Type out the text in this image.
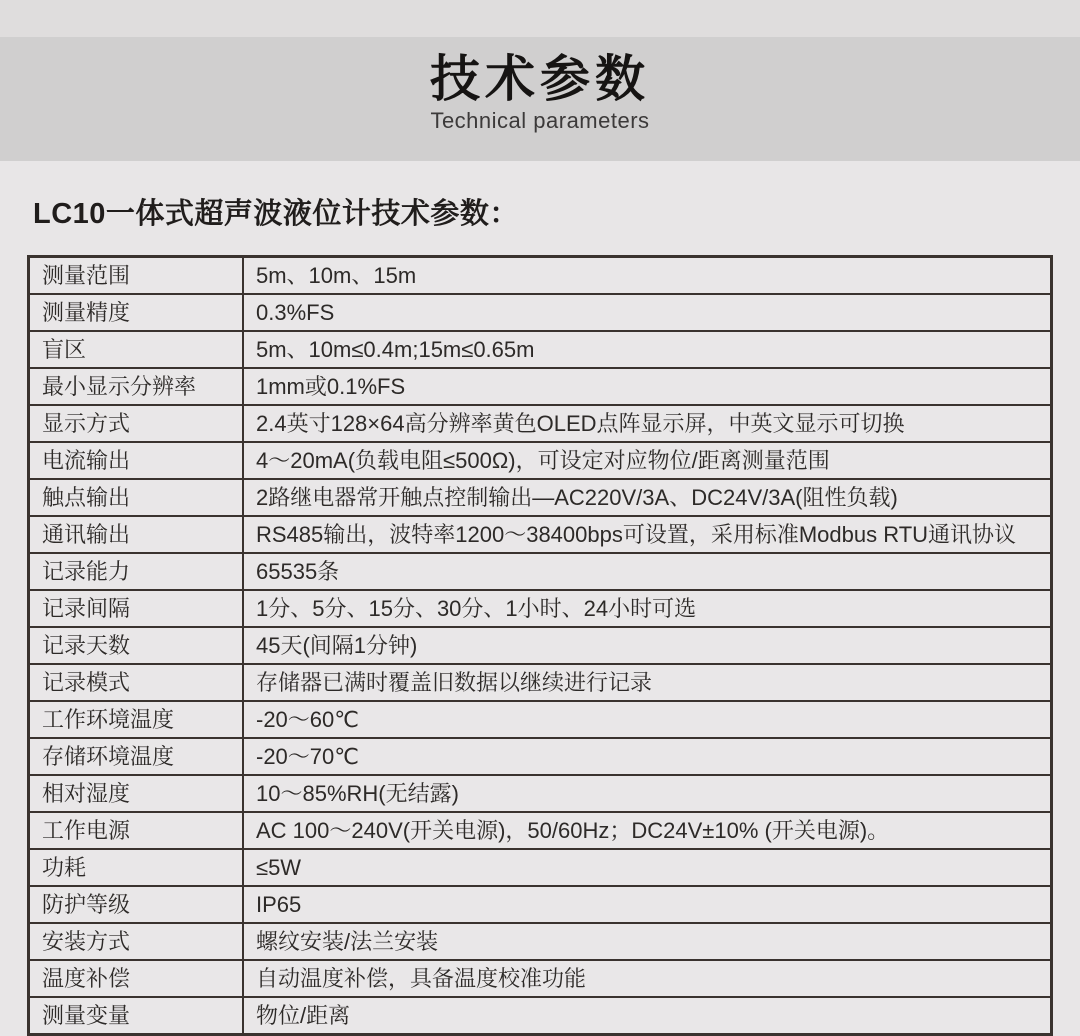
技术参数

Technical parameters

LC10一体式超声波液位计技术参数：
测量范围	5m、10m、15m
测量精度	0.3%FS
盲区	5m、10m≤0.4m;15m≤0.65m
最小显示分辨率	1mm或0.1%FS
显示方式	2.4英寸128×64高分辨率黄色OLED点阵显示屏，中英文显示可切换
电流输出	4～20mA(负载电阻≤500Ω)，可设定对应物位/距离测量范围
触点输出	2路继电器常开触点控制输出—AC220V/3A、DC24V/3A(阻性负载)
通讯输出	RS485输出，波特率1200～38400bps可设置，采用标准Modbus RTU通讯协议
记录能力	65535条
记录间隔	1分、5分、15分、30分、1小时、24小时可选
记录天数	45天(间隔1分钟)
记录模式	存储器已满时覆盖旧数据以继续进行记录
工作环境温度	-20～60℃
存储环境温度	-20～70℃
相对湿度	10～85%RH(无结露)
工作电源	AC 100～240V(开关电源)，50/60Hz；DC24V±10% (开关电源)。
功耗	≤5W
防护等级	IP65
安装方式	螺纹安装/法兰安装
温度补偿	自动温度补偿，具备温度校准功能
测量变量	物位/距离
